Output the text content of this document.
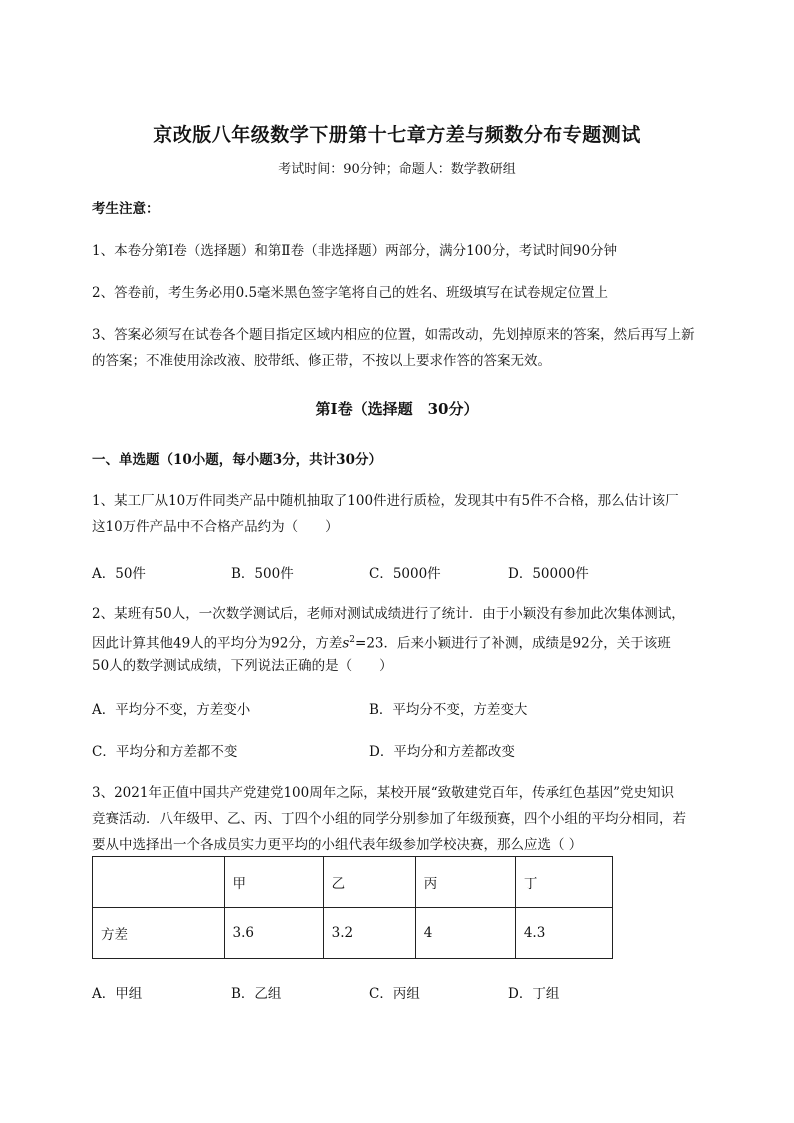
京改版八年级数学下册第十七章方差与频数分布专题测试
考试时间：90分钟；命题人：数学教研组
考生注意：
1、本卷分第Ⅰ卷（选择题）和第Ⅱ卷（非选择题）两部分，满分100分，考试时间90分钟
2、答卷前，考生务必用0.5毫米黑色签字笔将自己的姓名、班级填写在试卷规定位置上
3、答案必须写在试卷各个题目指定区域内相应的位置，如需改动，先划掉原来的答案，然后再写上新
的答案；不准使用涂改液、胶带纸、修正带，不按以上要求作答的答案无效。
第Ⅰ卷（选择题　30分）
一、单选题（10小题，每小题3分，共计30分）
1、某工厂从10万件同类产品中随机抽取了100件进行质检，发现其中有5件不合格，那么估计该厂
这10万件产品中不合格产品约为（　　）
A．50件	B．500件	C．5000件	D．50000件
2、某班有50人，一次数学测试后，老师对测试成绩进行了统计．由于小颖没有参加此次集体测试，
因此计算其他49人的平均分为92分，方差$s^2=23$．后来小颖进行了补测，成绩是92分，关于该班
50人的数学测试成绩，下列说法正确的是（　　）
A．平均分不变，方差变小	B．平均分不变，方差变大
C．平均分和方差都不变	D．平均分和方差都改变
3、2021年正值中国共产党建党100周年之际，某校开展“致敬建党百年，传承红色基因”党史知识
竞赛活动．八年级甲、乙、丙、丁四个小组的同学分别参加了年级预赛，四个小组的平均分相同，若
要从中选择出一个各成员实力更平均的小组代表年级参加学校决赛，那么应选（ ）
	甲	乙	丙	丁
方差	3.6	3.2	4	4.3
A．甲组	B．乙组	C．丙组	D．丁组
